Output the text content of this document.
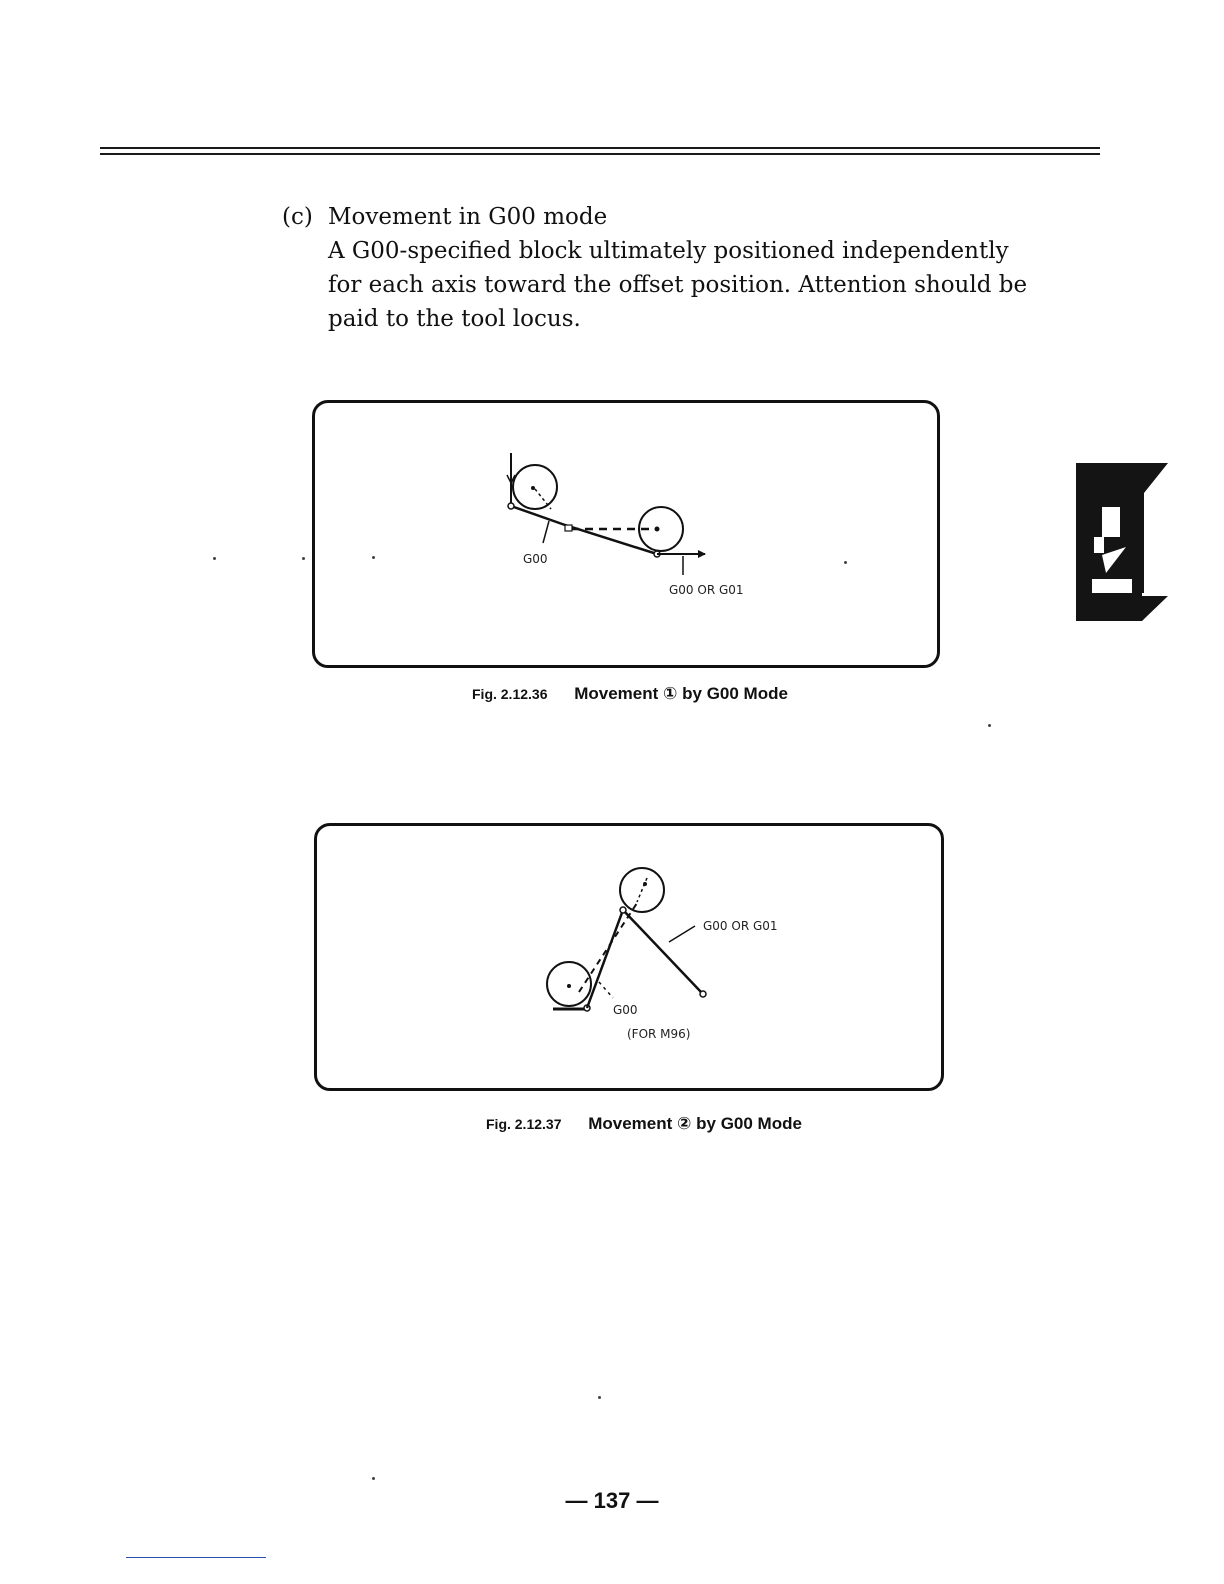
(c) Movement in G00 mode
A G00-specified block ultimately positioned independently for each axis toward the offset position. Attention should be paid to the tool locus.
G00
G00 OR G01
Fig. 2.12.36 Movement ① by G00 Mode
G00 OR G01
G00
(FOR M96)
Fig. 2.12.37 Movement ② by G00 Mode
— 137 —
